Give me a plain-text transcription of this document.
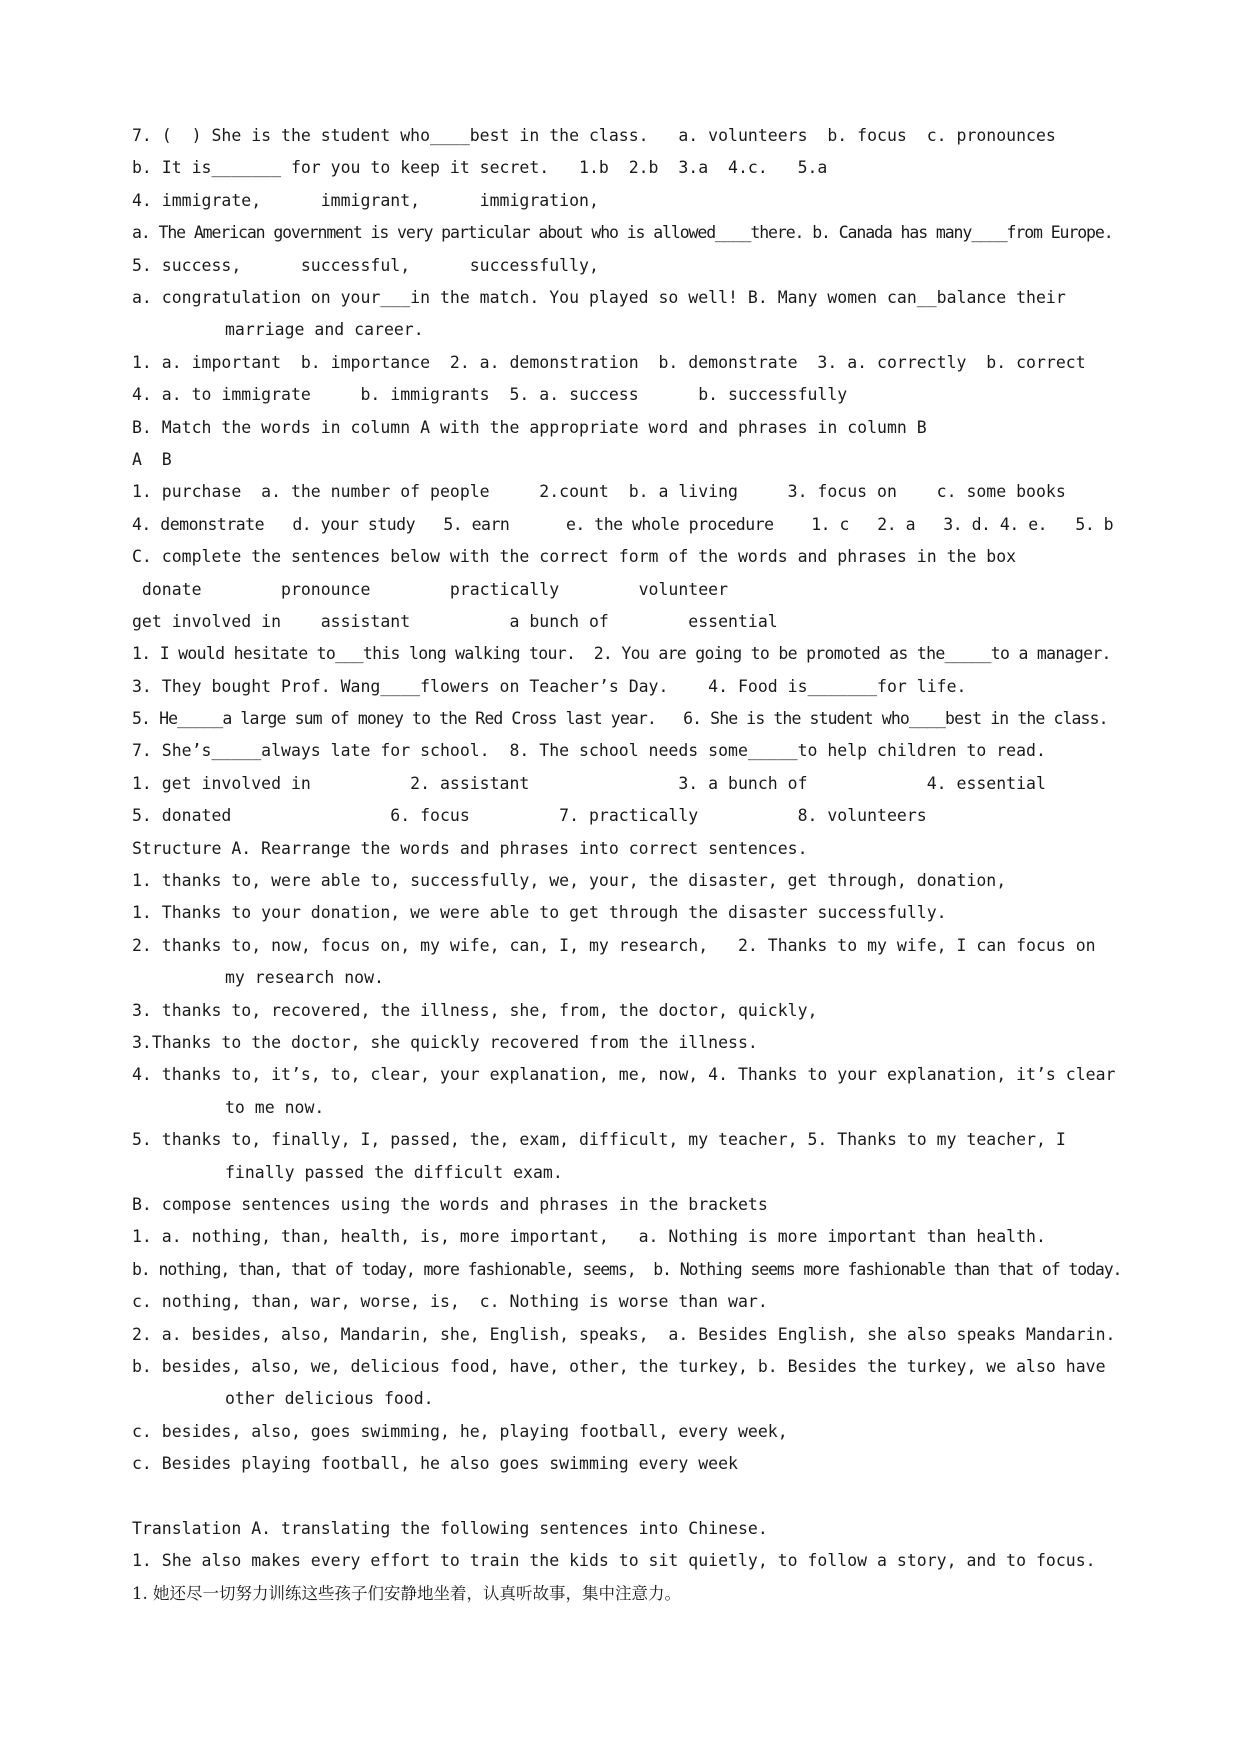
7. (  ) She is the student who____best in the class.   a. volunteers  b. focus  c. pronounces
b. It is_______ for you to keep it secret.   1.b  2.b  3.a  4.c.   5.a
4. immigrate,      immigrant,      immigration,
a. The American government is very particular about who is allowed____there. b. Canada has many____from Europe.
5. success,      successful,      successfully,
a. congratulation on your___in the match. You played so well! B. Many women can__balance their marriage and career.
1. a. important  b. importance  2. a. demonstration  b. demonstrate  3. a. correctly  b. correct
4. a. to immigrate     b. immigrants  5. a. success      b. successfully
B. Match the words in column A with the appropriate word and phrases in column B
A  B
1. purchase  a. the number of people     2.count  b. a living     3. focus on    c. some books
4. demonstrate   d. your study   5. earn      e. the whole procedure    1. c   2. a   3. d. 4. e.   5. b
C. complete the sentences below with the correct form of the words and phrases in the box
donate        pronounce        practically        volunteer
get involved in    assistant          a bunch of        essential
1. I would hesitate to___this long walking tour.  2. You are going to be promoted as the_____to a manager.
3. They bought Prof. Wang____flowers on Teacher’s Day.    4. Food is_______for life.
5. He_____a large sum of money to the Red Cross last year.   6. She is the student who____best in the class.
7. She’s_____always late for school.  8. The school needs some_____to help children to read.
1. get involved in          2. assistant               3. a bunch of            4. essential
5. donated                6. focus         7. practically          8. volunteers
Structure A. Rearrange the words and phrases into correct sentences.
1. thanks to, were able to, successfully, we, your, the disaster, get through, donation,
1. Thanks to your donation, we were able to get through the disaster successfully.
2. thanks to, now, focus on, my wife, can, I, my research,   2. Thanks to my wife, I can focus on my research now.
3. thanks to, recovered, the illness, she, from, the doctor, quickly,
3.Thanks to the doctor, she quickly recovered from the illness.
4. thanks to, it’s, to, clear, your explanation, me, now, 4. Thanks to your explanation, it’s clear to me now.
5. thanks to, finally, I, passed, the, exam, difficult, my teacher, 5. Thanks to my teacher, I finally passed the difficult exam.
B. compose sentences using the words and phrases in the brackets
1. a. nothing, than, health, is, more important,   a. Nothing is more important than health.
b. nothing, than, that of today, more fashionable, seems,  b. Nothing seems more fashionable than that of today.
c. nothing, than, war, worse, is,  c. Nothing is worse than war.
2. a. besides, also, Mandarin, she, English, speaks,  a. Besides English, she also speaks Mandarin.
b. besides, also, we, delicious food, have, other, the turkey, b. Besides the turkey, we also have other delicious food.
c. besides, also, goes swimming, he, playing football, every week,
c. Besides playing football, he also goes swimming every week
Translation A. translating the following sentences into Chinese.
1. She also makes every effort to train the kids to sit quietly, to follow a story, and to focus.
1. 她还尽一切努力训练这些孩子们安静地坐着，认真听故事，集中注意力。
